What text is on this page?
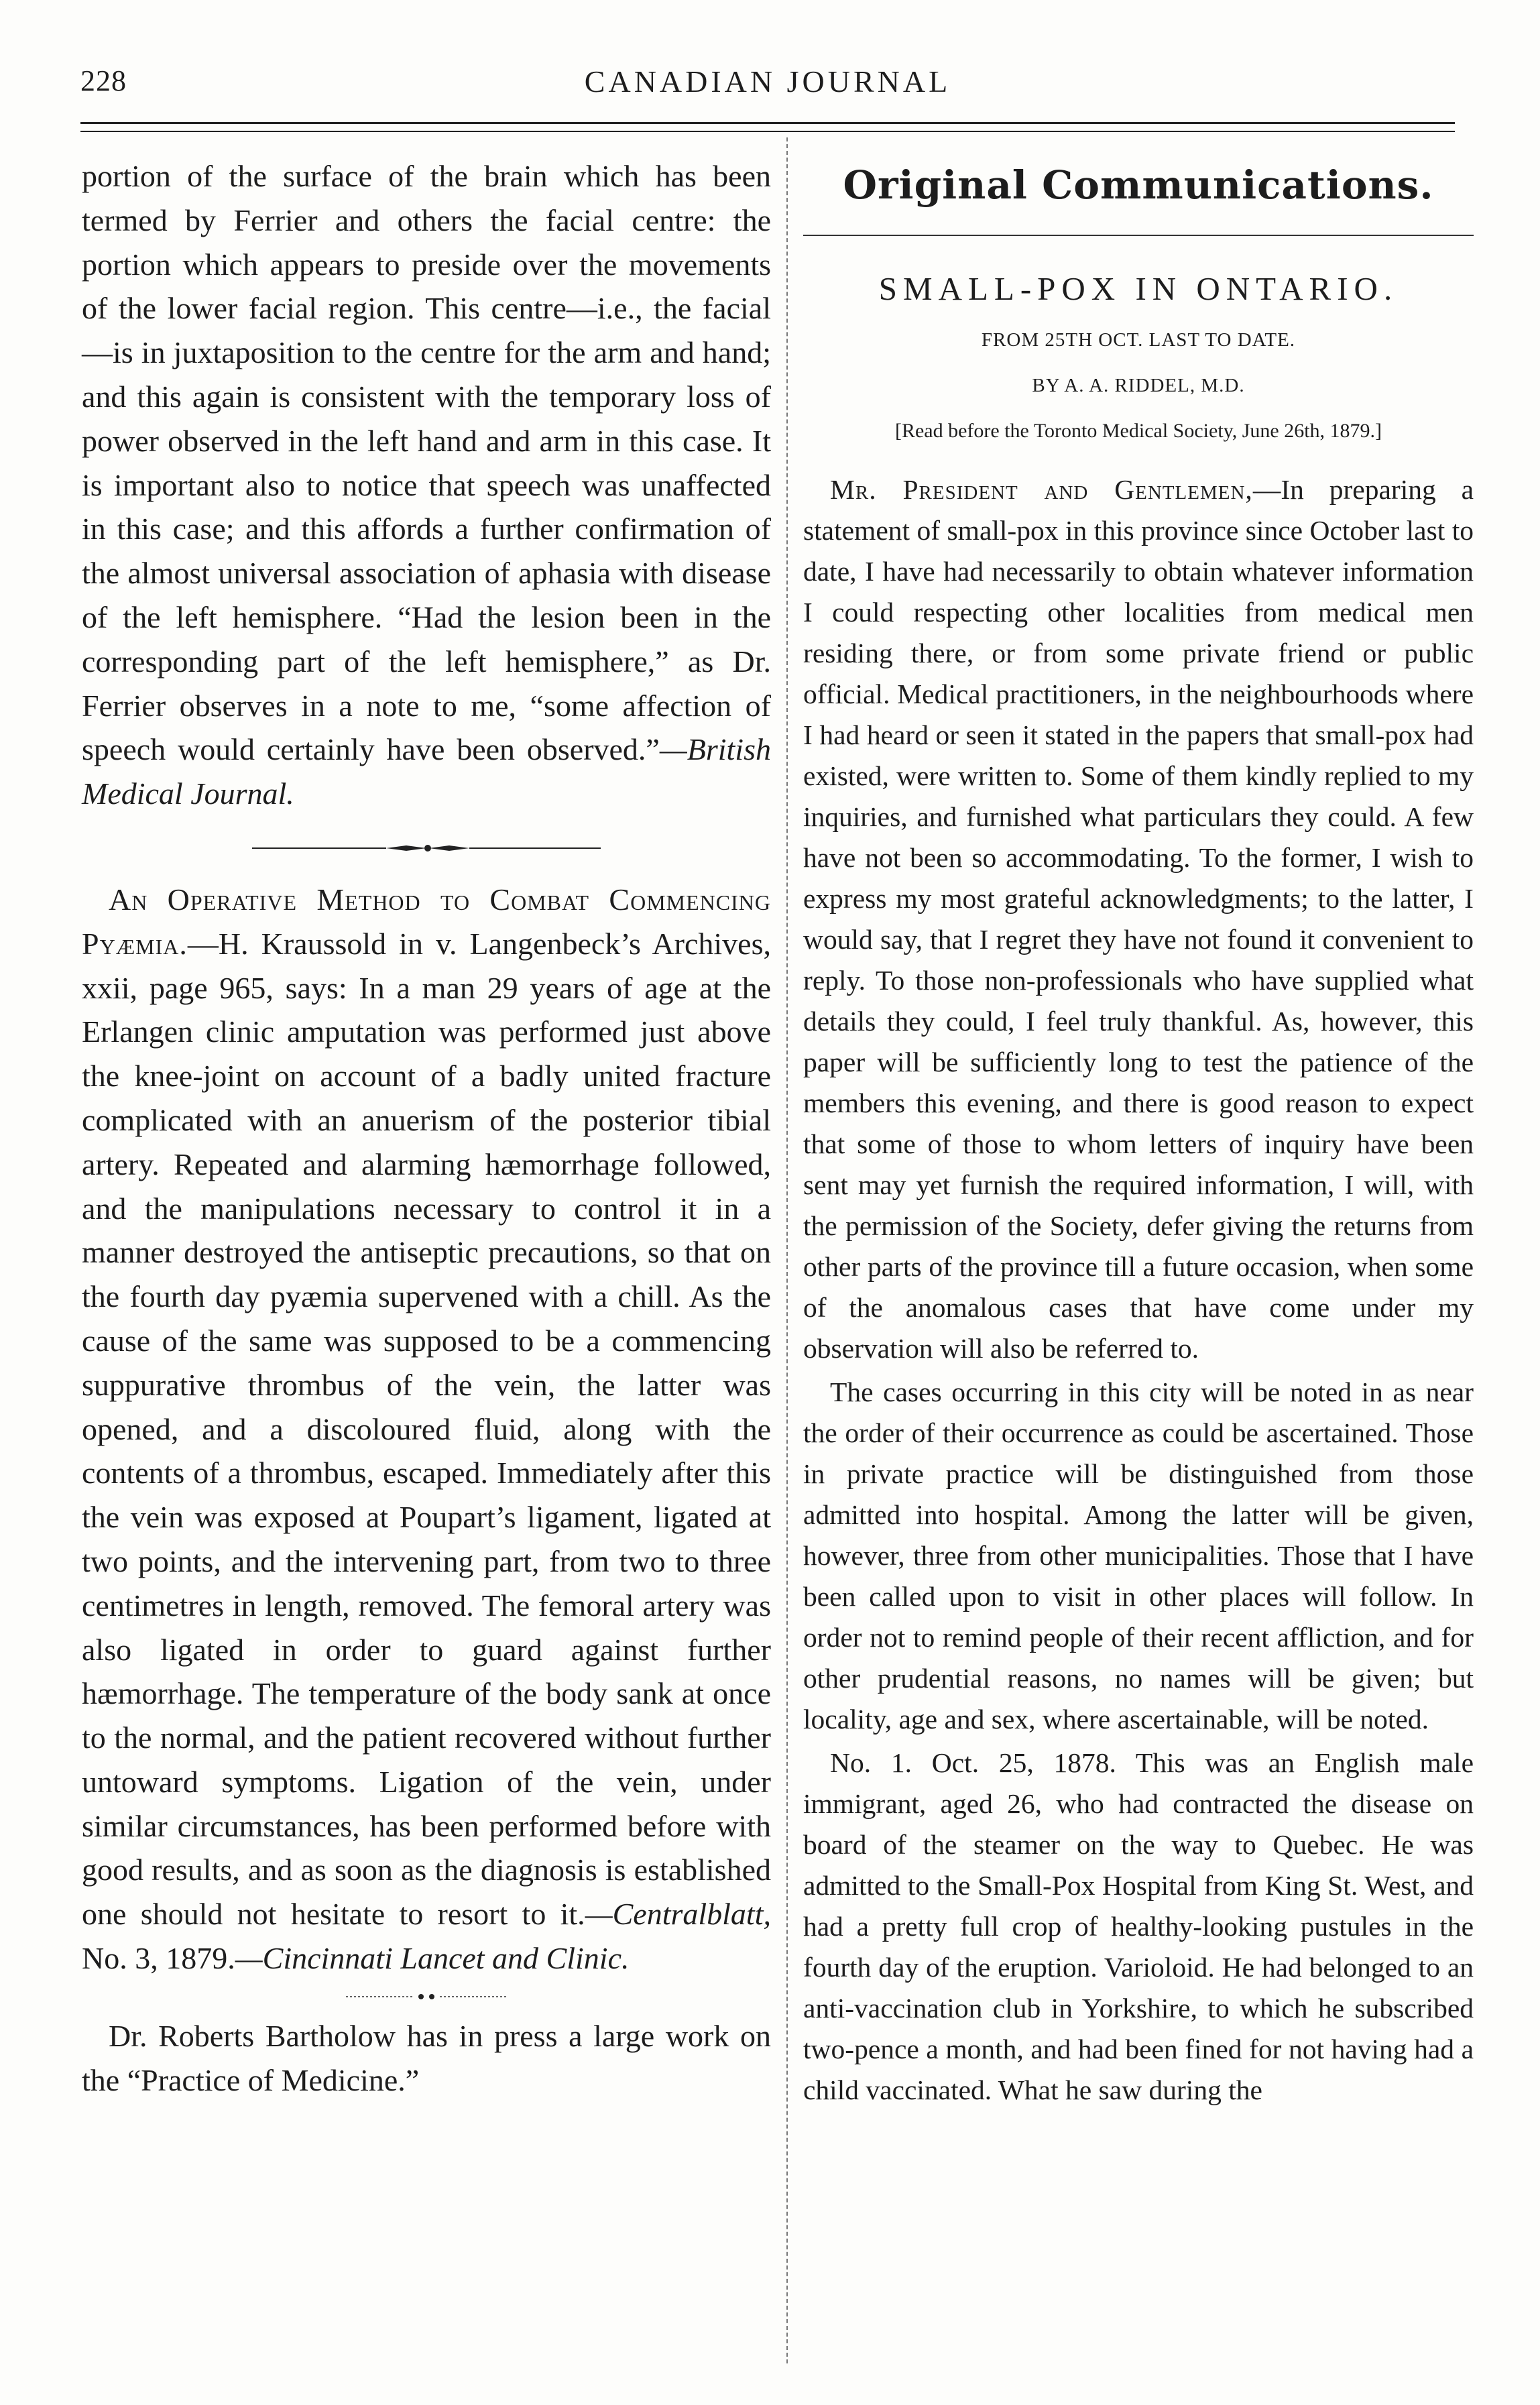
228	CANADIAN JOURNAL

portion of the surface of the brain which has been termed by Ferrier and others the facial centre: the portion which appears to preside over the movements of the lower facial region. This centre—i.e., the facial—is in juxtaposition to the centre for the arm and hand; and this again is consistent with the temporary loss of power observed in the left hand and arm in this case. It is important also to notice that speech was unaffected in this case; and this affords a further confirmation of the almost universal association of aphasia with disease of the left hemisphere. “Had the lesion been in the corresponding part of the left hemisphere,” as Dr. Ferrier observes in a note to me, “some affection of speech would certainly have been observed.”—British Medical Journal.

An Operative Method to Combat Commencing Pyæmia.—H. Kraussold in v. Langenbeck’s Archives, xxii, page 965, says: In a man 29 years of age at the Erlangen clinic amputation was performed just above the knee-joint on account of a badly united fracture complicated with an anuerism of the posterior tibial artery. Repeated and alarming hæmorrhage followed, and the manipulations necessary to control it in a manner destroyed the antiseptic precautions, so that on the fourth day pyæmia supervened with a chill. As the cause of the same was supposed to be a commencing suppurative thrombus of the vein, the latter was opened, and a discoloured fluid, along with the contents of a thrombus, escaped. Immediately after this the vein was exposed at Poupart’s ligament, ligated at two points, and the intervening part, from two to three centimetres in length, removed. The femoral artery was also ligated in order to guard against further hæmorrhage. The temperature of the body sank at once to the normal, and the patient recovered without further untoward symptoms. Ligation of the vein, under similar circumstances, has been performed before with good results, and as soon as the diagnosis is established one should not hesitate to resort to it.—Centralblatt, No. 3, 1879.—Cincinnati Lancet and Clinic.

Dr. Roberts Bartholow has in press a large work on the “Practice of Medicine.”

Original Communications.
SMALL-POX IN ONTARIO.
FROM 25TH OCT. LAST TO DATE.
BY A. A. RIDDEL, M.D.
[Read before the Toronto Medical Society, June 26th, 1879.]

Mr. President and Gentlemen,—In preparing a statement of small-pox in this province since October last to date, I have had necessarily to obtain whatever information I could respecting other localities from medical men residing there, or from some private friend or public official. Medical practitioners, in the neighbourhoods where I had heard or seen it stated in the papers that small-pox had existed, were written to. Some of them kindly replied to my inquiries, and furnished what particulars they could. A few have not been so accommodating. To the former, I wish to express my most grateful acknowledgments; to the latter, I would say, that I regret they have not found it convenient to reply. To those non-professionals who have supplied what details they could, I feel truly thankful. As, however, this paper will be sufficiently long to test the patience of the members this evening, and there is good reason to expect that some of those to whom letters of inquiry have been sent may yet furnish the required information, I will, with the permission of the Society, defer giving the returns from other parts of the province till a future occasion, when some of the anomalous cases that have come under my observation will also be referred to.

The cases occurring in this city will be noted in as near the order of their occurrence as could be ascertained. Those in private practice will be distinguished from those admitted into hospital. Among the latter will be given, however, three from other municipalities. Those that I have been called upon to visit in other places will follow. In order not to remind people of their recent affliction, and for other prudential reasons, no names will be given; but locality, age and sex, where ascertainable, will be noted.

No. 1. Oct. 25, 1878. This was an English male immigrant, aged 26, who had contracted the disease on board of the steamer on the way to Quebec. He was admitted to the Small-Pox Hospital from King St. West, and had a pretty full crop of healthy-looking pustules in the fourth day of the eruption. Varioloid. He had belonged to an anti-vaccination club in Yorkshire, to which he subscribed two-pence a month, and had been fined for not having had a child vaccinated. What he saw during the
